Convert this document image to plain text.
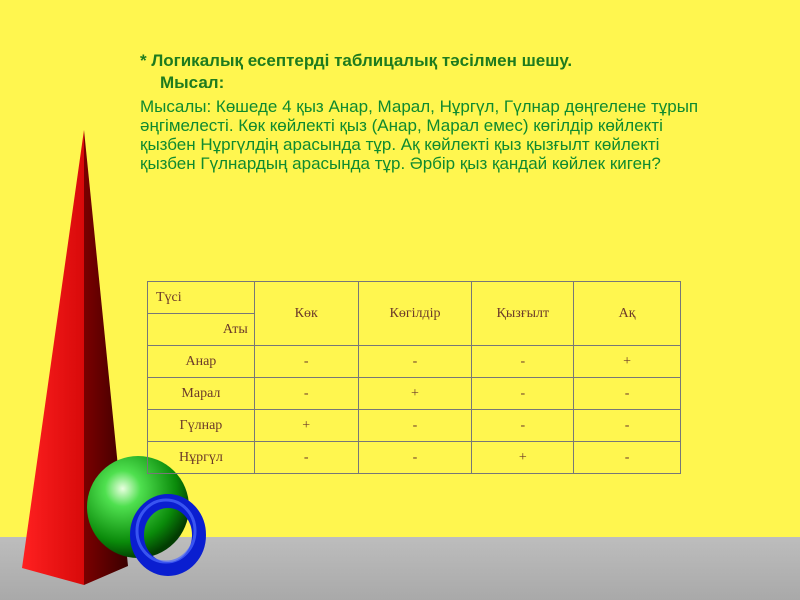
* Логикалық есептерді таблицалық тәсілмен шешу.
Мысал:

Мысалы: Көшеде 4 қыз Анар, Марал, Нұргүл, Гүлнар дөңгелене тұрып әңгімелесті. Көк көйлекті қыз (Анар, Марал емес) көгілдір көйлекті қызбен Нұргүлдің арасында тұр. Ақ көйлекті қыз қызғылт көйлекті қызбен Гүлнардың арасында тұр. Әрбір қыз қандай көйлек киген?

Түсі	Көк	Көгілдір	Қызғылт	Ақ
Аты				
Анар	-	-	-	+
Марал	-	+	-	-
Гүлнар	+	-	-	-
Нұргүл	-	-	+	-
